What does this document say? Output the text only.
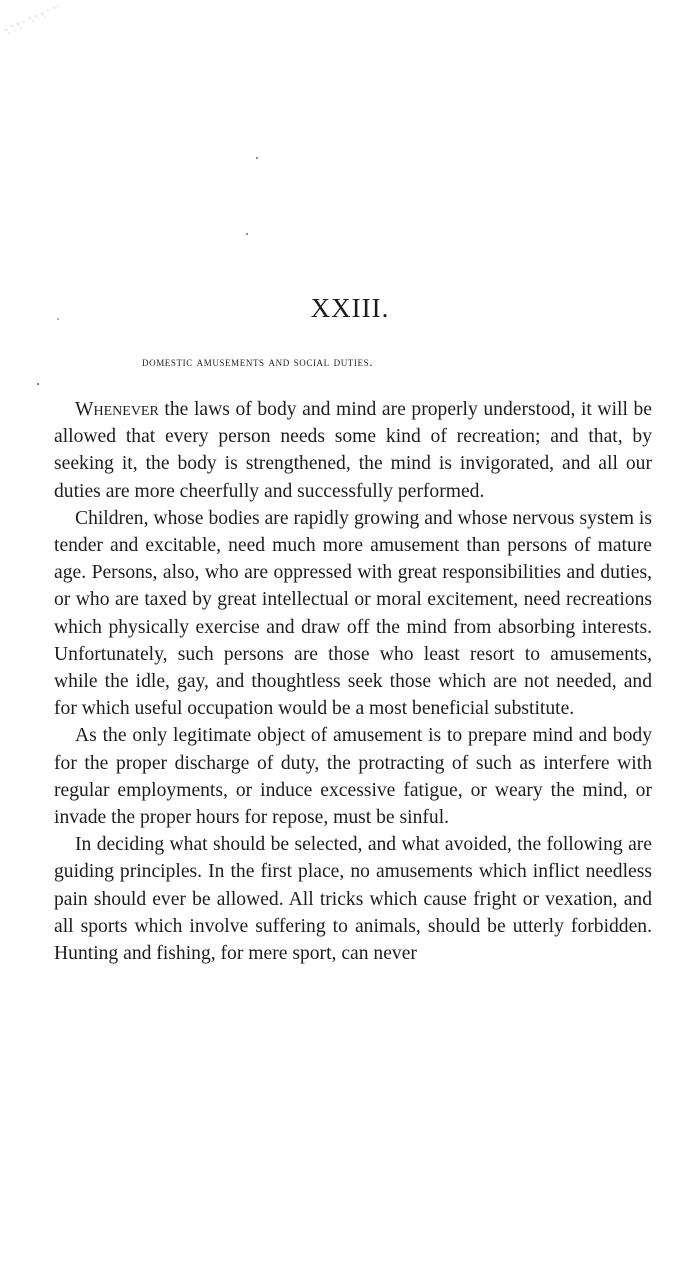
XXIII.
domestic amusements and social duties.

Whenever the laws of body and mind are properly understood, it will be allowed that every person needs some kind of recreation; and that, by seeking it, the body is strengthened, the mind is invigorated, and all our duties are more cheerfully and successfully performed.

Children, whose bodies are rapidly growing and whose nervous system is tender and excitable, need much more amusement than persons of mature age. Persons, also, who are oppressed with great responsibilities and duties, or who are taxed by great intellectual or moral excitement, need recreations which physically exercise and draw off the mind from absorbing interests. Unfortunately, such persons are those who least resort to amusements, while the idle, gay, and thoughtless seek those which are not needed, and for which useful occupation would be a most beneficial substitute.

As the only legitimate object of amusement is to prepare mind and body for the proper discharge of duty, the protracting of such as interfere with regular employments, or induce excessive fatigue, or weary the mind, or invade the proper hours for repose, must be sinful.

In deciding what should be selected, and what avoided, the following are guiding principles. In the first place, no amusements which inflict needless pain should ever be allowed. All tricks which cause fright or vexation, and all sports which involve suffering to animals, should be utterly forbidden. Hunting and fishing, for mere sport, can never
